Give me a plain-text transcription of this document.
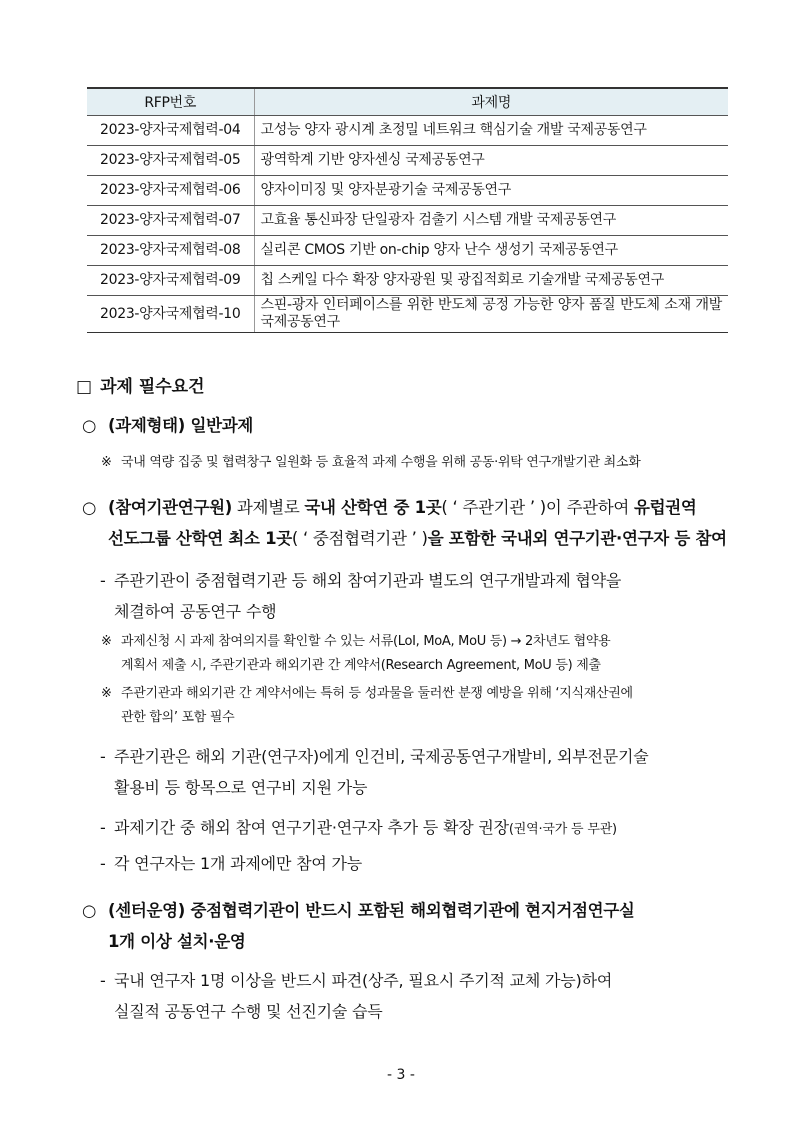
RFP번호	과제명
2023-양자국제협력-04	고성능 양자 광시계 초정밀 네트워크 핵심기술 개발 국제공동연구
2023-양자국제협력-05	광역학계 기반 양자센싱 국제공동연구
2023-양자국제협력-06	양자이미징 및 양자분광기술 국제공동연구
2023-양자국제협력-07	고효율 통신파장 단일광자 검출기 시스템 개발 국제공동연구
2023-양자국제협력-08	실리콘 CMOS 기반 on-chip 양자 난수 생성기 국제공동연구
2023-양자국제협력-09	칩 스케일 다수 확장 양자광원 및 광집적회로 기술개발 국제공동연구
2023-양자국제협력-10	스핀-광자 인터페이스를 위한 반도체 공정 가능한 양자 품질 반도체 소재 개발 국제공동연구
□ 과제 필수요건
○ (과제형태) 일반과제
※ 국내 역량 집중 및 협력창구 일원화 등 효율적 과제 수행을 위해 공동·위탁 연구개발기관 최소화
○ (참여기관연구원) 과제별로 국내 산학연 중 1곳( ‘ 주관기관 ’ )이 주관하여 유럽권역
선도그룹 산학연 최소 1곳( ‘ 중점협력기관 ’ )을 포함한 국내외 연구기관·연구자 등 참여
- 주관기관이 중점협력기관 등 해외 참여기관과 별도의 연구개발과제 협약을
체결하여 공동연구 수행
※ 과제신청 시 과제 참여의지를 확인할 수 있는 서류(LoI, MoA, MoU 등) → 2차년도 협약용
계획서 제출 시, 주관기관과 해외기관 간 계약서(Research Agreement, MoU 등) 제출
※ 주관기관과 해외기관 간 계약서에는 특허 등 성과물을 둘러싼 분쟁 예방을 위해 ‘지식재산권에
관한 합의’ 포함 필수
- 주관기관은 해외 기관(연구자)에게 인건비, 국제공동연구개발비, 외부전문기술
활용비 등 항목으로 연구비 지원 가능
- 과제기간 중 해외 참여 연구기관·연구자 추가 등 확장 권장(권역·국가 등 무관)
- 각 연구자는 1개 과제에만 참여 가능
○ (센터운영) 중점협력기관이 반드시 포함된 해외협력기관에 현지거점연구실
1개 이상 설치·운영
- 국내 연구자 1명 이상을 반드시 파견(상주, 필요시 주기적 교체 가능)하여
실질적 공동연구 수행 및 선진기술 습득
- 3 -
